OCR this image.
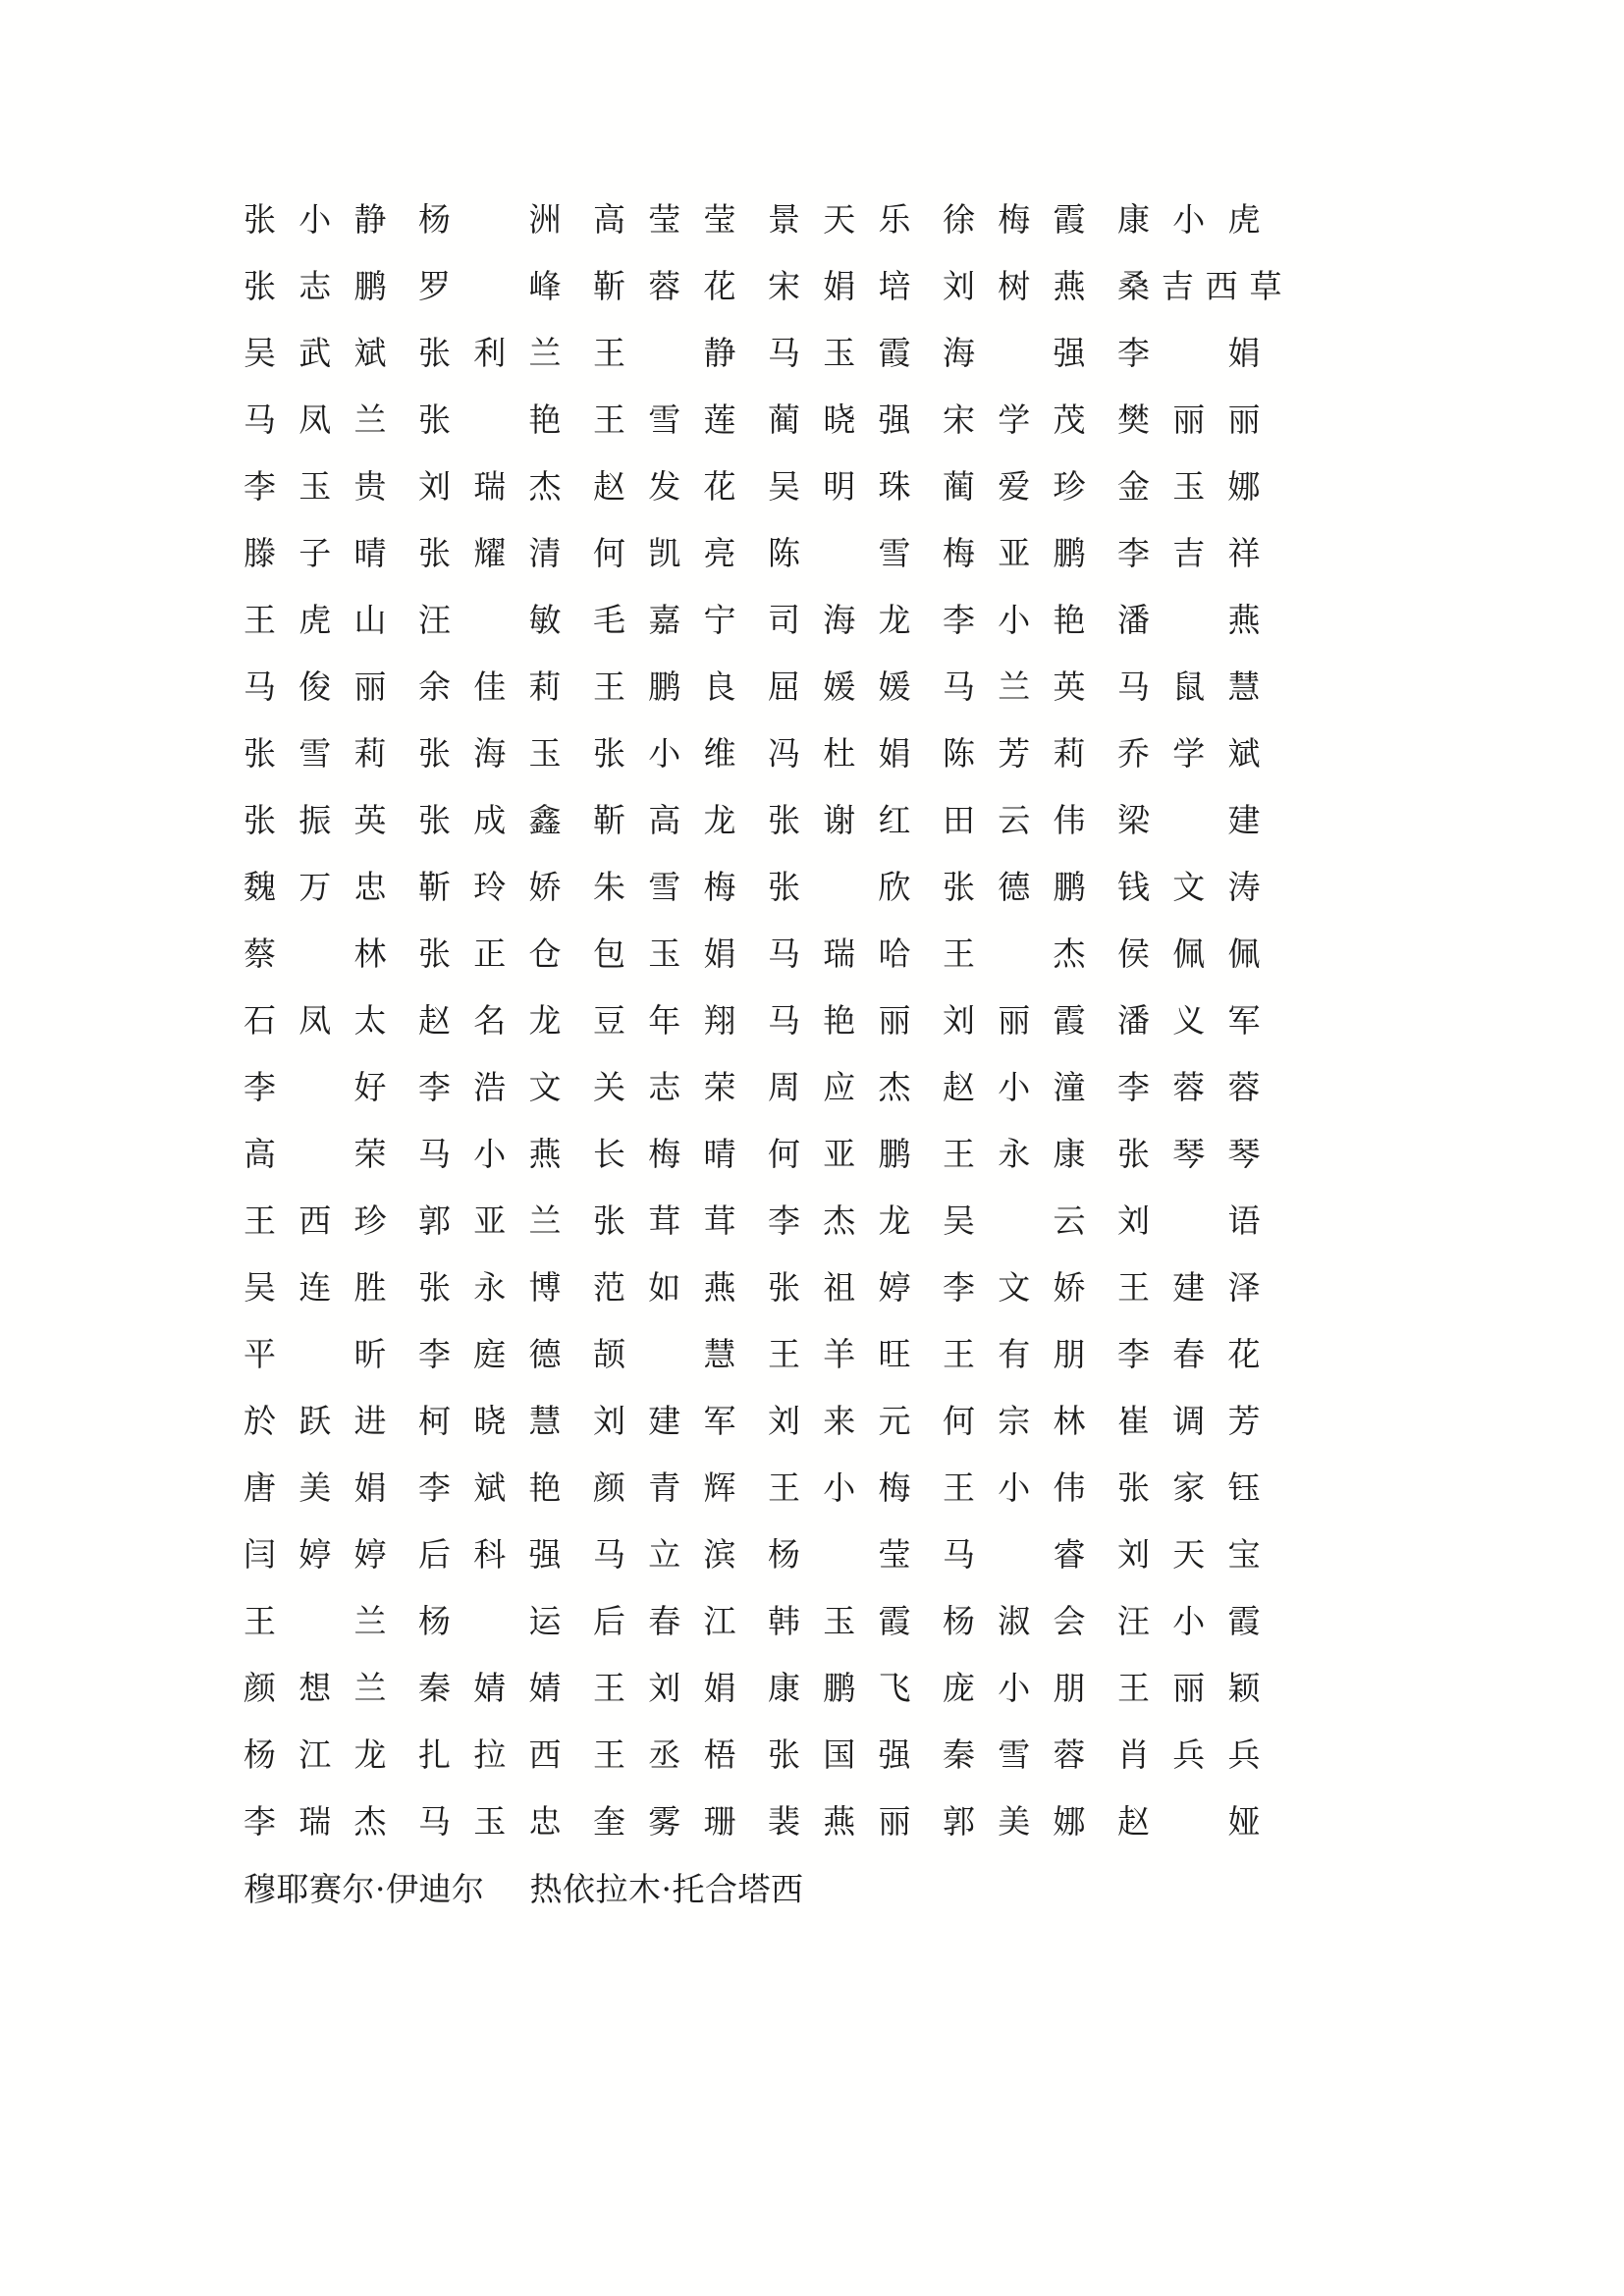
张小静	杨洲	高莹莹	景天乐	徐梅霞	康小虎

张志鹏	罗峰	靳蓉花	宋娟培	刘树燕	桑吉西草

吴武斌	张利兰	王静	马玉霞	海强	李娟

马凤兰	张艳	王雪莲	蔺晓强	宋学茂	樊丽丽

李玉贵	刘瑞杰	赵发花	吴明珠	蔺爱珍	金玉娜

滕子晴	张耀清	何凯亮	陈雪	梅亚鹏	李吉祥

王虎山	汪敏	毛嘉宁	司海龙	李小艳	潘燕

马俊丽	余佳莉	王鹏良	屈媛媛	马兰英	马鼠慧

张雪莉	张海玉	张小维	冯杜娟	陈芳莉	乔学斌

张振英	张成鑫	靳高龙	张谢红	田云伟	梁建

魏万忠	靳玲娇	朱雪梅	张欣	张德鹏	钱文涛

蔡林	张正仓	包玉娟	马瑞哈	王杰	侯佩佩

石凤太	赵名龙	豆年翔	马艳丽	刘丽霞	潘义军

李好	李浩文	关志荣	周应杰	赵小潼	李蓉蓉

高荣	马小燕	长梅晴	何亚鹏	王永康	张琴琴

王西珍	郭亚兰	张茸茸	李杰龙	吴云	刘语

吴连胜	张永博	范如燕	张祖婷	李文娇	王建泽

平昕	李庭德	颉慧	王羊旺	王有朋	李春花

於跃进	柯晓慧	刘建军	刘来元	何宗林	崔调芳

唐美娟	李斌艳	颜青辉	王小梅	王小伟	张家钰

闫婷婷	后科强	马立滨	杨莹	马睿	刘天宝

王兰	杨运	后春江	韩玉霞	杨淑会	汪小霞

颜想兰	秦婧婧	王刘娟	康鹏飞	庞小朋	王丽颖

杨江龙	扎拉西	王丞梧	张国强	秦雪蓉	肖兵兵

李瑞杰	马玉忠	奎雾珊	裴燕丽	郭美娜	赵娅

穆耶赛尔·伊迪尔 热依拉木·托合塔西					
